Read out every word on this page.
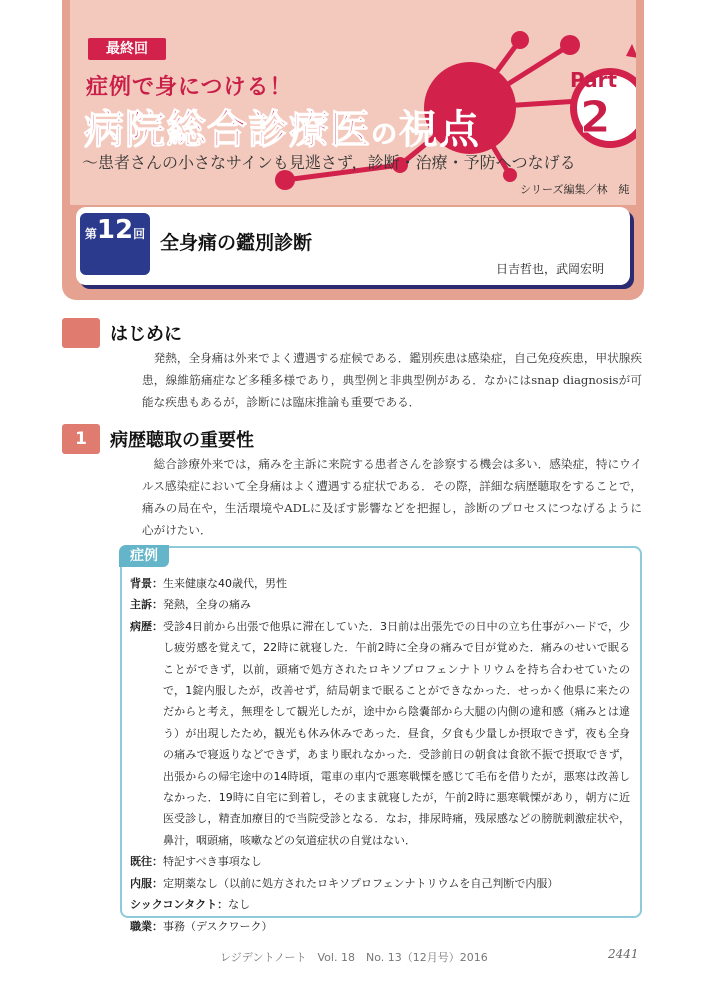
最終回
症例で身につける！
病院総合診療医の視点
Part
2
～患者さんの小さなサインも見逃さず，診断・治療・予防へつなげる
シリーズ編集／林　純
第12回 全身痛の鑑別診断
日吉哲也，武岡宏明
はじめに
発熱，全身痛は外来でよく遭遇する症候である．鑑別疾患は感染症，自己免疫疾患，甲状腺疾患，線維筋痛症など多種多様であり，典型例と非典型例がある．なかにはsnap diagnosisが可能な疾患もあるが，診断には臨床推論も重要である．
1	病歴聴取の重要性
総合診療外来では，痛みを主訴に来院する患者さんを診察する機会は多い．感染症，特にウイルス感染症において全身痛はよく遭遇する症状である．その際，詳細な病歴聴取をすることで，痛みの局在や，生活環境やADLに及ぼす影響などを把握し，診断のプロセスにつなげるように心がけたい．
症例
背景 ： 生来健康な40歳代，男性
主訴 ： 発熱，全身の痛み
病歴 ： 受診4日前から出張で他県に滞在していた．3日前は出張先での日中の立ち仕事がハードで，少し疲労感を覚えて，22時に就寝した．午前2時に全身の痛みで目が覚めた．痛みのせいで眠ることができず，以前，頭痛で処方されたロキソプロフェンナトリウムを持ち合わせていたので，1錠内服したが，改善せず，結局朝まで眠ることができなかった．せっかく他県に来たのだからと考え，無理をして観光したが，途中から陰嚢部から大腿の内側の違和感（痛みとは違う）が出現したため，観光も休み休みであった．昼食，夕食も少量しか摂取できず，夜も全身の痛みで寝返りなどできず，あまり眠れなかった．受診前日の朝食は食欲不振で摂取できず，出張からの帰宅途中の14時頃，電車の車内で悪寒戦慄を感じて毛布を借りたが，悪寒は改善しなかった．19時に自宅に到着し，そのまま就寝したが，午前2時に悪寒戦慄があり，朝方に近医受診し，精査加療目的で当院受診となる．なお，排尿時痛，残尿感などの膀胱刺激症状や，鼻汁，咽頭痛，咳嗽などの気道症状の自覚はない．
既往 ： 特記すべき事項なし
内服 ： 定期薬なし（以前に処方されたロキソプロフェンナトリウムを自己判断で内服）
シックコンタクト ： なし
職業 ： 事務（デスクワーク）
レジデントノート　Vol. 18　No. 13（12月号）2016	2441
